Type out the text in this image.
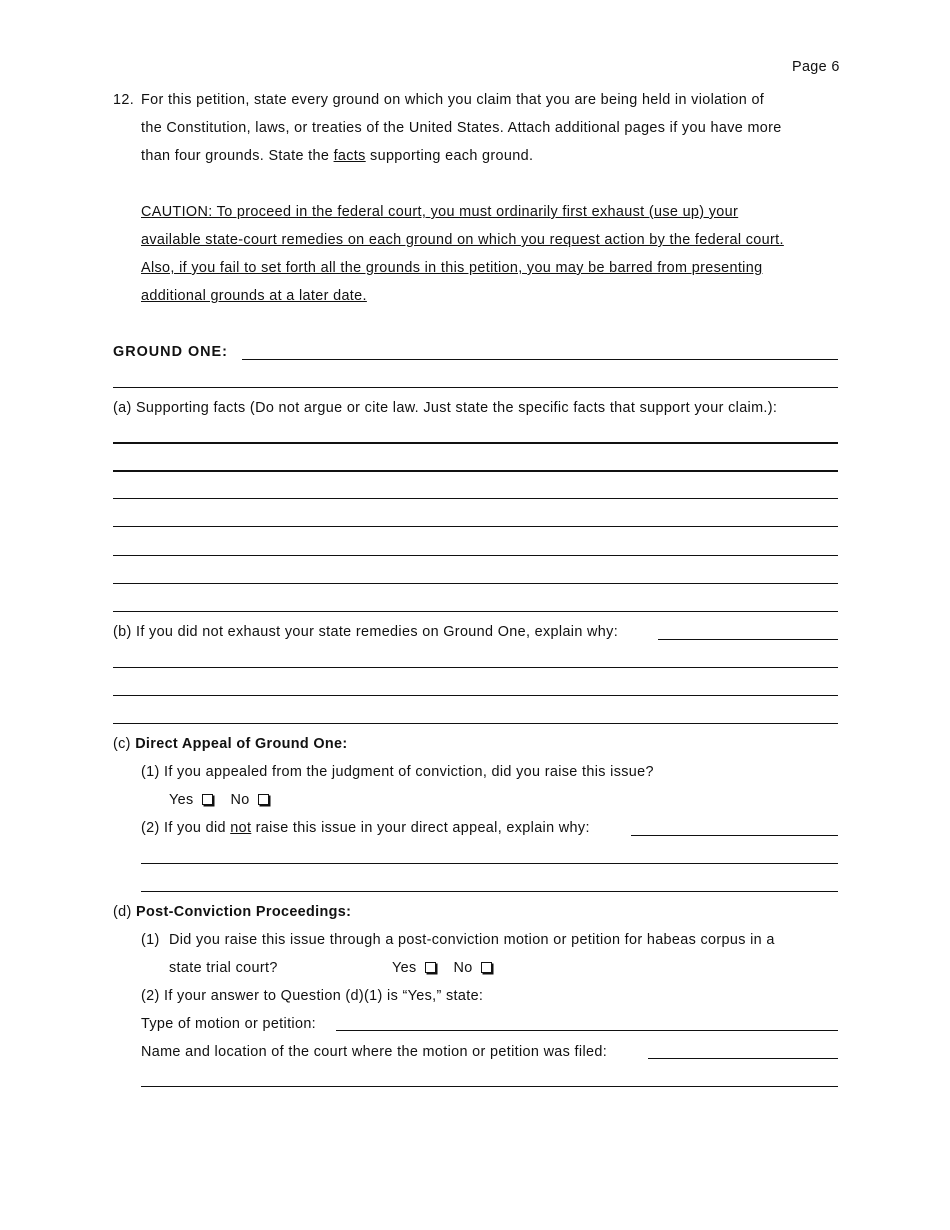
Page 6
12. For this petition, state every ground on which you claim that you are being held in violation of
the Constitution, laws, or treaties of the United States. Attach additional pages if you have more
than four grounds. State the facts supporting each ground.
CAUTION: To proceed in the federal court, you must ordinarily first exhaust (use up) your
available state-court remedies on each ground on which you request action by the federal court.
Also, if you fail to set forth all the grounds in this petition, you may be barred from presenting
additional grounds at a later date.
GROUND ONE:
(a) Supporting facts (Do not argue or cite law. Just state the specific facts that support your claim.):
(b) If you did not exhaust your state remedies on Ground One, explain why:
(c) Direct Appeal of Ground One:
(1) If you appealed from the judgment of conviction, did you raise this issue?
Yes	No
(2) If you did not raise this issue in your direct appeal, explain why:
(d) Post-Conviction Proceedings:
(1) Did you raise this issue through a post-conviction motion or petition for habeas corpus in a
state trial court?	Yes	No
(2) If your answer to Question (d)(1) is “Yes,” state:
Type of motion or petition:
Name and location of the court where the motion or petition was filed:
